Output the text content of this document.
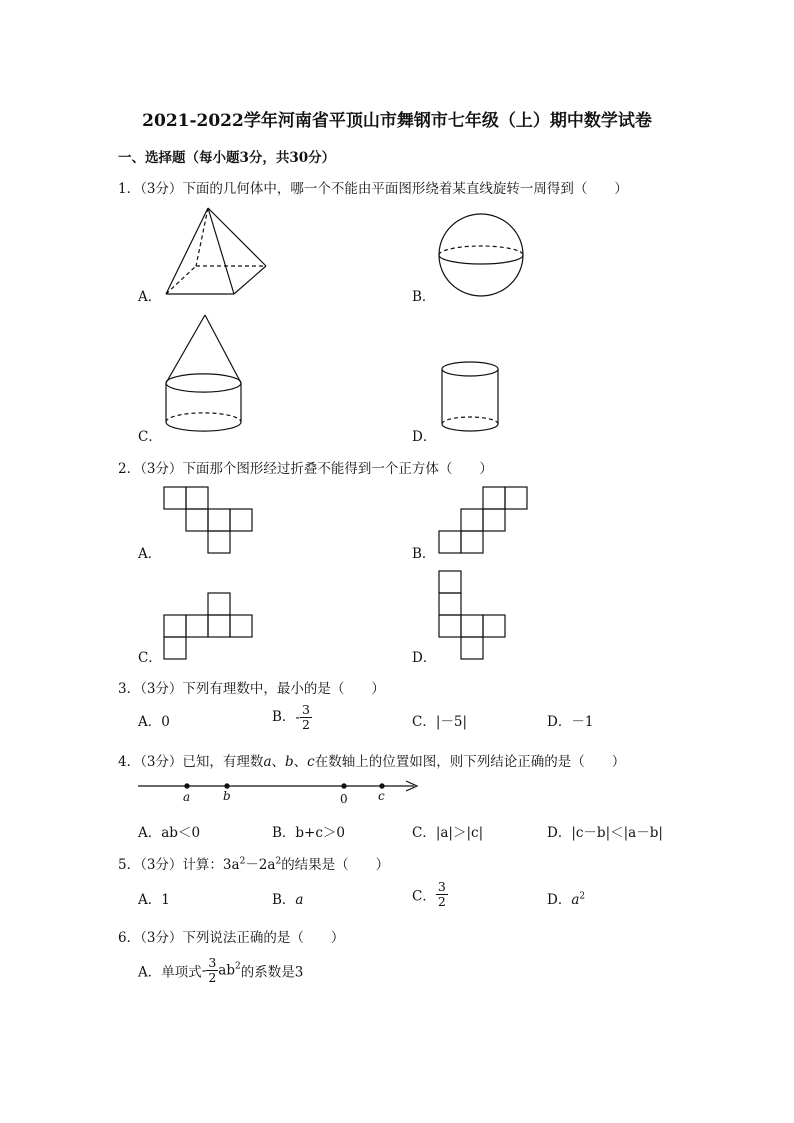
2021-2022学年河南省平顶山市舞钢市七年级（上）期中数学试卷
一、选择题（每小题3分，共30分）
1．（3分）下面的几何体中，哪一个不能由平面图形绕着某直线旋转一周得到（　　）
A．	B．
C．	D．
2．（3分）下面那个图形经过折叠不能得到一个正方体（　　）
A．	B．
C．	D．
3．（3分）下列有理数中，最小的是（　　）
A．0	B．- $\frac{3}{2}$	C．|－5|	D．－1
4．（3分）已知，有理数a、b、c在数轴上的位置如图，则下列结论正确的是（　　）
a	b	0	c
A．ab＜0	B．b+c＞0	C．|a|＞|c|	D．|c－b|＜|a－b|
5．（3分）计算：$3a^2-2a^2$的结果是（　　）
A．1	B．a	C． $\frac{3}{2}$	D．$a^2$
6．（3分）下列说法正确的是（　　）
A．单项式- $\frac{3}{2} ab^2$的系数是3
